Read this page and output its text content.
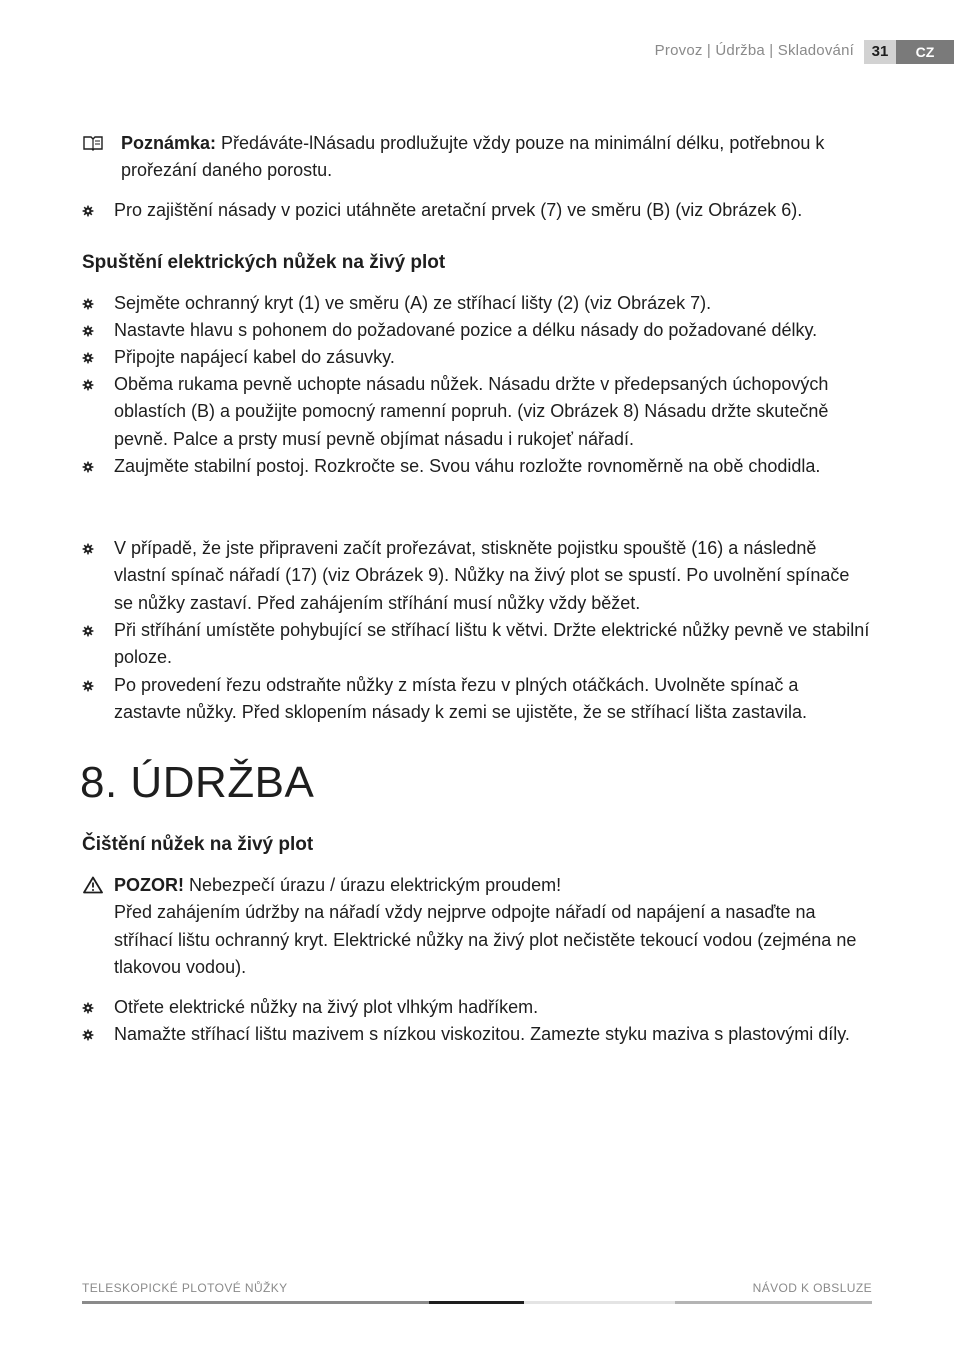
Provoz | Údržba | Skladování	31	CZ
Poznámka: Předáváte-lNásadu prodlužujte vždy pouze na minimální délku, potřebnou k
prořezání daného porostu.
Pro zajištění násady v pozici utáhněte aretační prvek (7) ve směru (B) (viz Obrázek 6).
Spuštění elektrických nůžek na živý plot
Sejměte ochranný kryt (1) ve směru (A) ze stříhací lišty (2) (viz Obrázek 7).
Nastavte hlavu s pohonem do požadované pozice a délku násady do požadované délky.
Připojte napájecí kabel do zásuvky.
Oběma rukama pevně uchopte násadu nůžek. Násadu držte v předepsaných úchopových
oblastích (B) a použijte pomocný ramenní popruh. (viz Obrázek 8) Násadu držte skutečně
pevně. Palce a prsty musí pevně objímat násadu i rukojeť nářadí.
Zaujměte stabilní postoj. Rozkročte se. Svou váhu rozložte rovnoměrně na obě chodidla.
V případě, že jste připraveni začít prořezávat, stiskněte pojistku spouště (16) a následně
vlastní spínač nářadí (17) (viz Obrázek 9). Nůžky na živý plot se spustí. Po uvolnění spínače
se nůžky zastaví. Před zahájením stříhání musí nůžky vždy běžet.
Při stříhání umístěte pohybující se stříhací lištu k větvi. Držte elektrické nůžky pevně ve stabilní
poloze.
Po provedení řezu odstraňte nůžky z místa řezu v plných otáčkách. Uvolněte spínač a
zastavte nůžky. Před sklopením násady k zemi se ujistěte, že se stříhací lišta zastavila.
8. ÚDRŽBA
Čištění nůžek na živý plot
POZOR! Nebezpečí úrazu / úrazu elektrickým proudem!
Před zahájením údržby na nářadí vždy nejprve odpojte nářadí od napájení a nasaďte na
stříhací lištu ochranný kryt. Elektrické nůžky na živý plot nečistěte tekoucí vodou (zejména ne
tlakovou vodou).
Otřete elektrické nůžky na živý plot vlhkým hadříkem.
Namažte stříhací lištu mazivem s nízkou viskozitou. Zamezte styku maziva s plastovými díly.
TELESKOPICKÉ PLOTOVÉ NŮŽKY	NÁVOD K OBSLUZE
